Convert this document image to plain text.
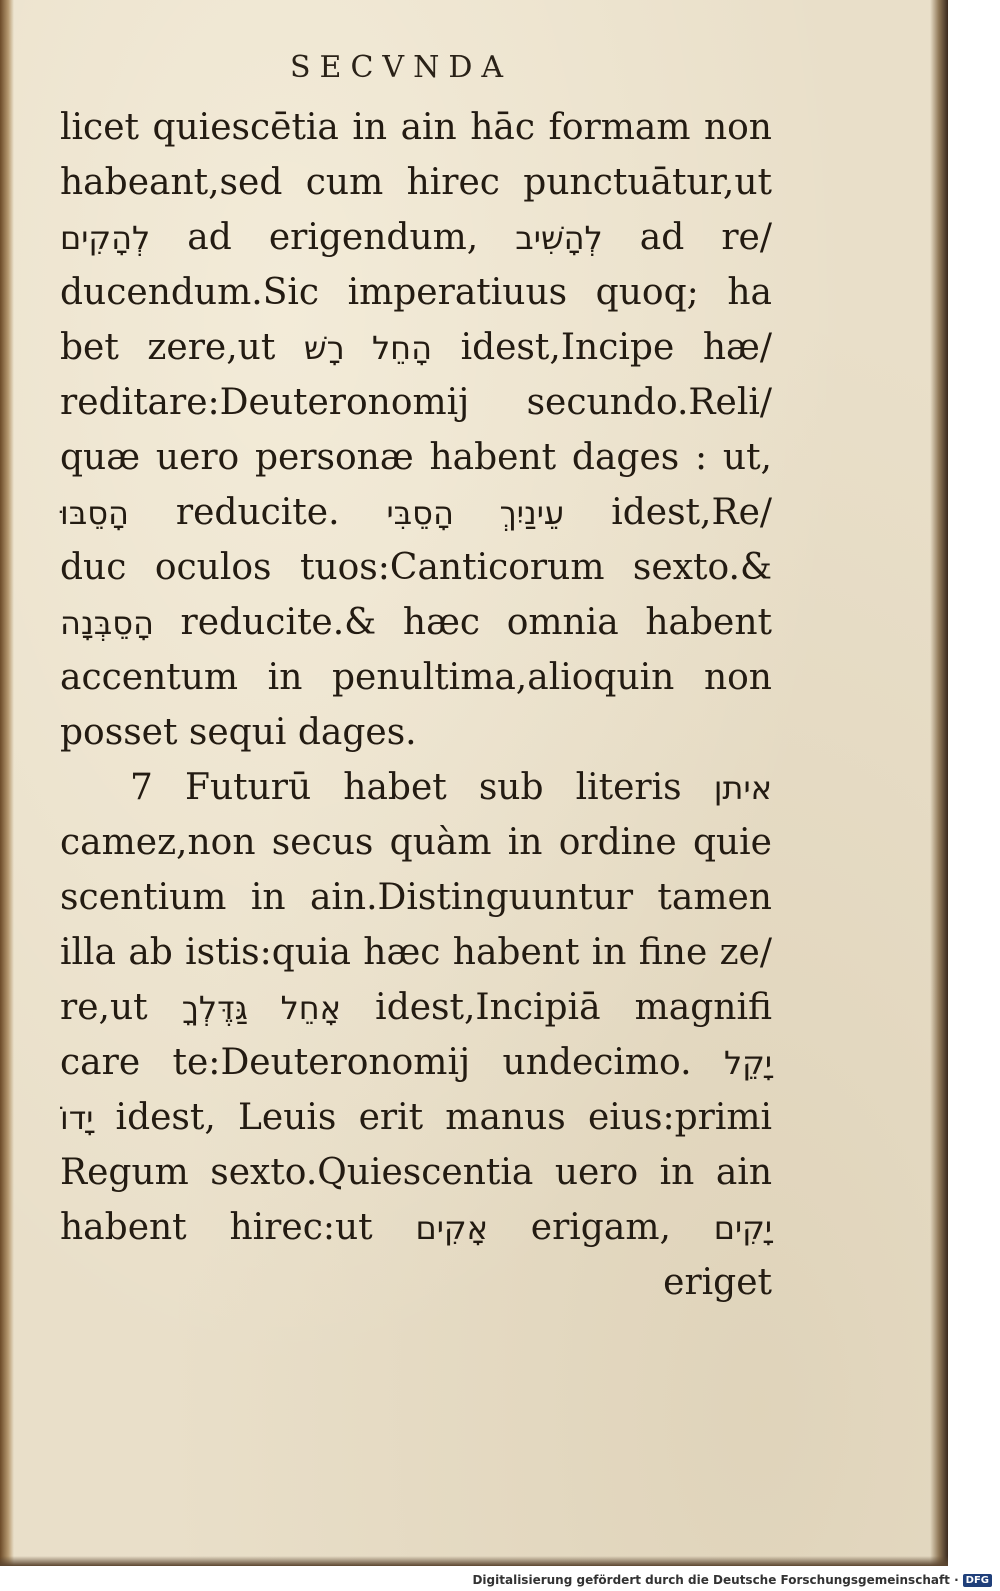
SECVNDA
licet quiescētia in ain hāc formam non
habeant,sed cum hirec punctuātur,ut
לְהָקִים ad erigendum, לְהָשִׁיב ad re/
ducendum.Sic imperatiuus quoq; ha
bet zere,ut הָחֵל רָשׁ idest,Incipe hæ/
reditare:Deuteronomij secundo.Reli/
quæ uero personæ habent dages : ut,
הָסֵבּוּ reducite. עֵינַיִךְ הָסֵבִּי idest,Re/
duc oculos tuos:Canticorum sexto.&
הָסֵבְּנָה reducite.& hæc omnia habent
accentum in penultima,alioquin non
posset sequi dages.
7 Futurū habet sub literis איתן
camez,non secus quàm in ordine quie
scentium in ain.Distinguuntur tamen
illa ab istis:quia hæc habent in fine ze/
re,ut אָחֵל גַּדֶּלְךָ idest,Incipiā magnifi
care te:Deuteronomij undecimo. יָקֵל
יָדוֹ idest, Leuis erit manus eius:primi
Regum sexto.Quiescentia uero in ain
habent hirec:ut אָקִים erigam, יָקִים
eriget
Digitalisierung gefördert durch die Deutsche Forschungsgemeinschaft · DFG
